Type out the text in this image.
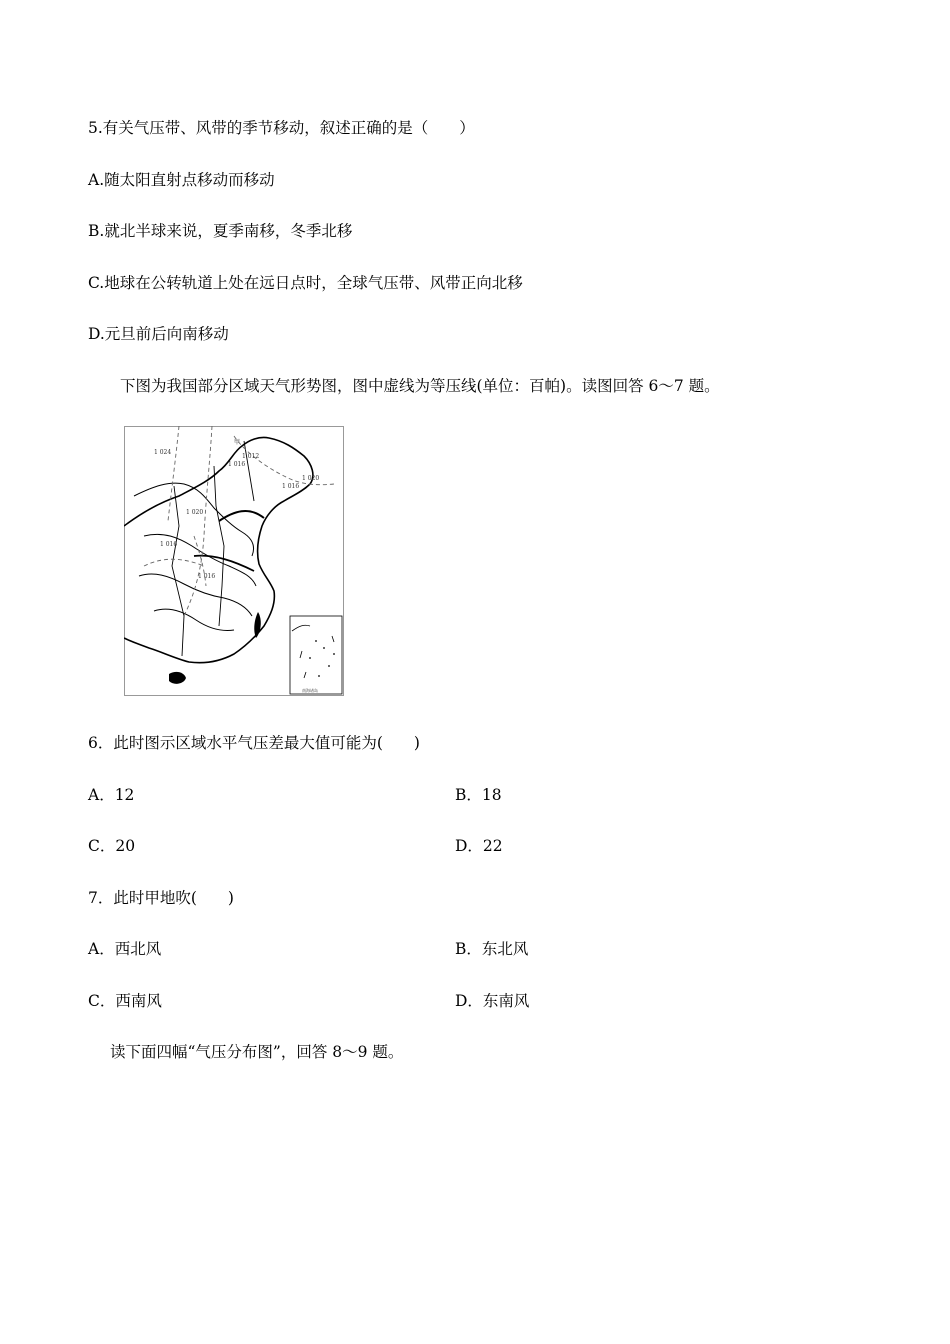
5.有关气压带、风带的季节移动，叙述正确的是（　　）
A.随太阳直射点移动而移动
B.就北半球来说，夏季南移，冬季北移
C.地球在公转轨道上处在远日点时，全球气压带、风带正向北移
D.元旦前后向南移动
下图为我国部分区域天气形势图，图中虚线为等压线(单位：百帕)。读图回答 6～7 题。
1 024
甲
1 012
1 016
1 020
1 016
1 020
1 016
1 016
南海诸岛
6．此时图示区域水平气压差最大值可能为(　　)
A．12	B．18
C．20	D．22
7．此时甲地吹(　　)
A．西北风	B．东北风
C．西南风	D．东南风
读下面四幅“气压分布图”，回答 8～9 题。
